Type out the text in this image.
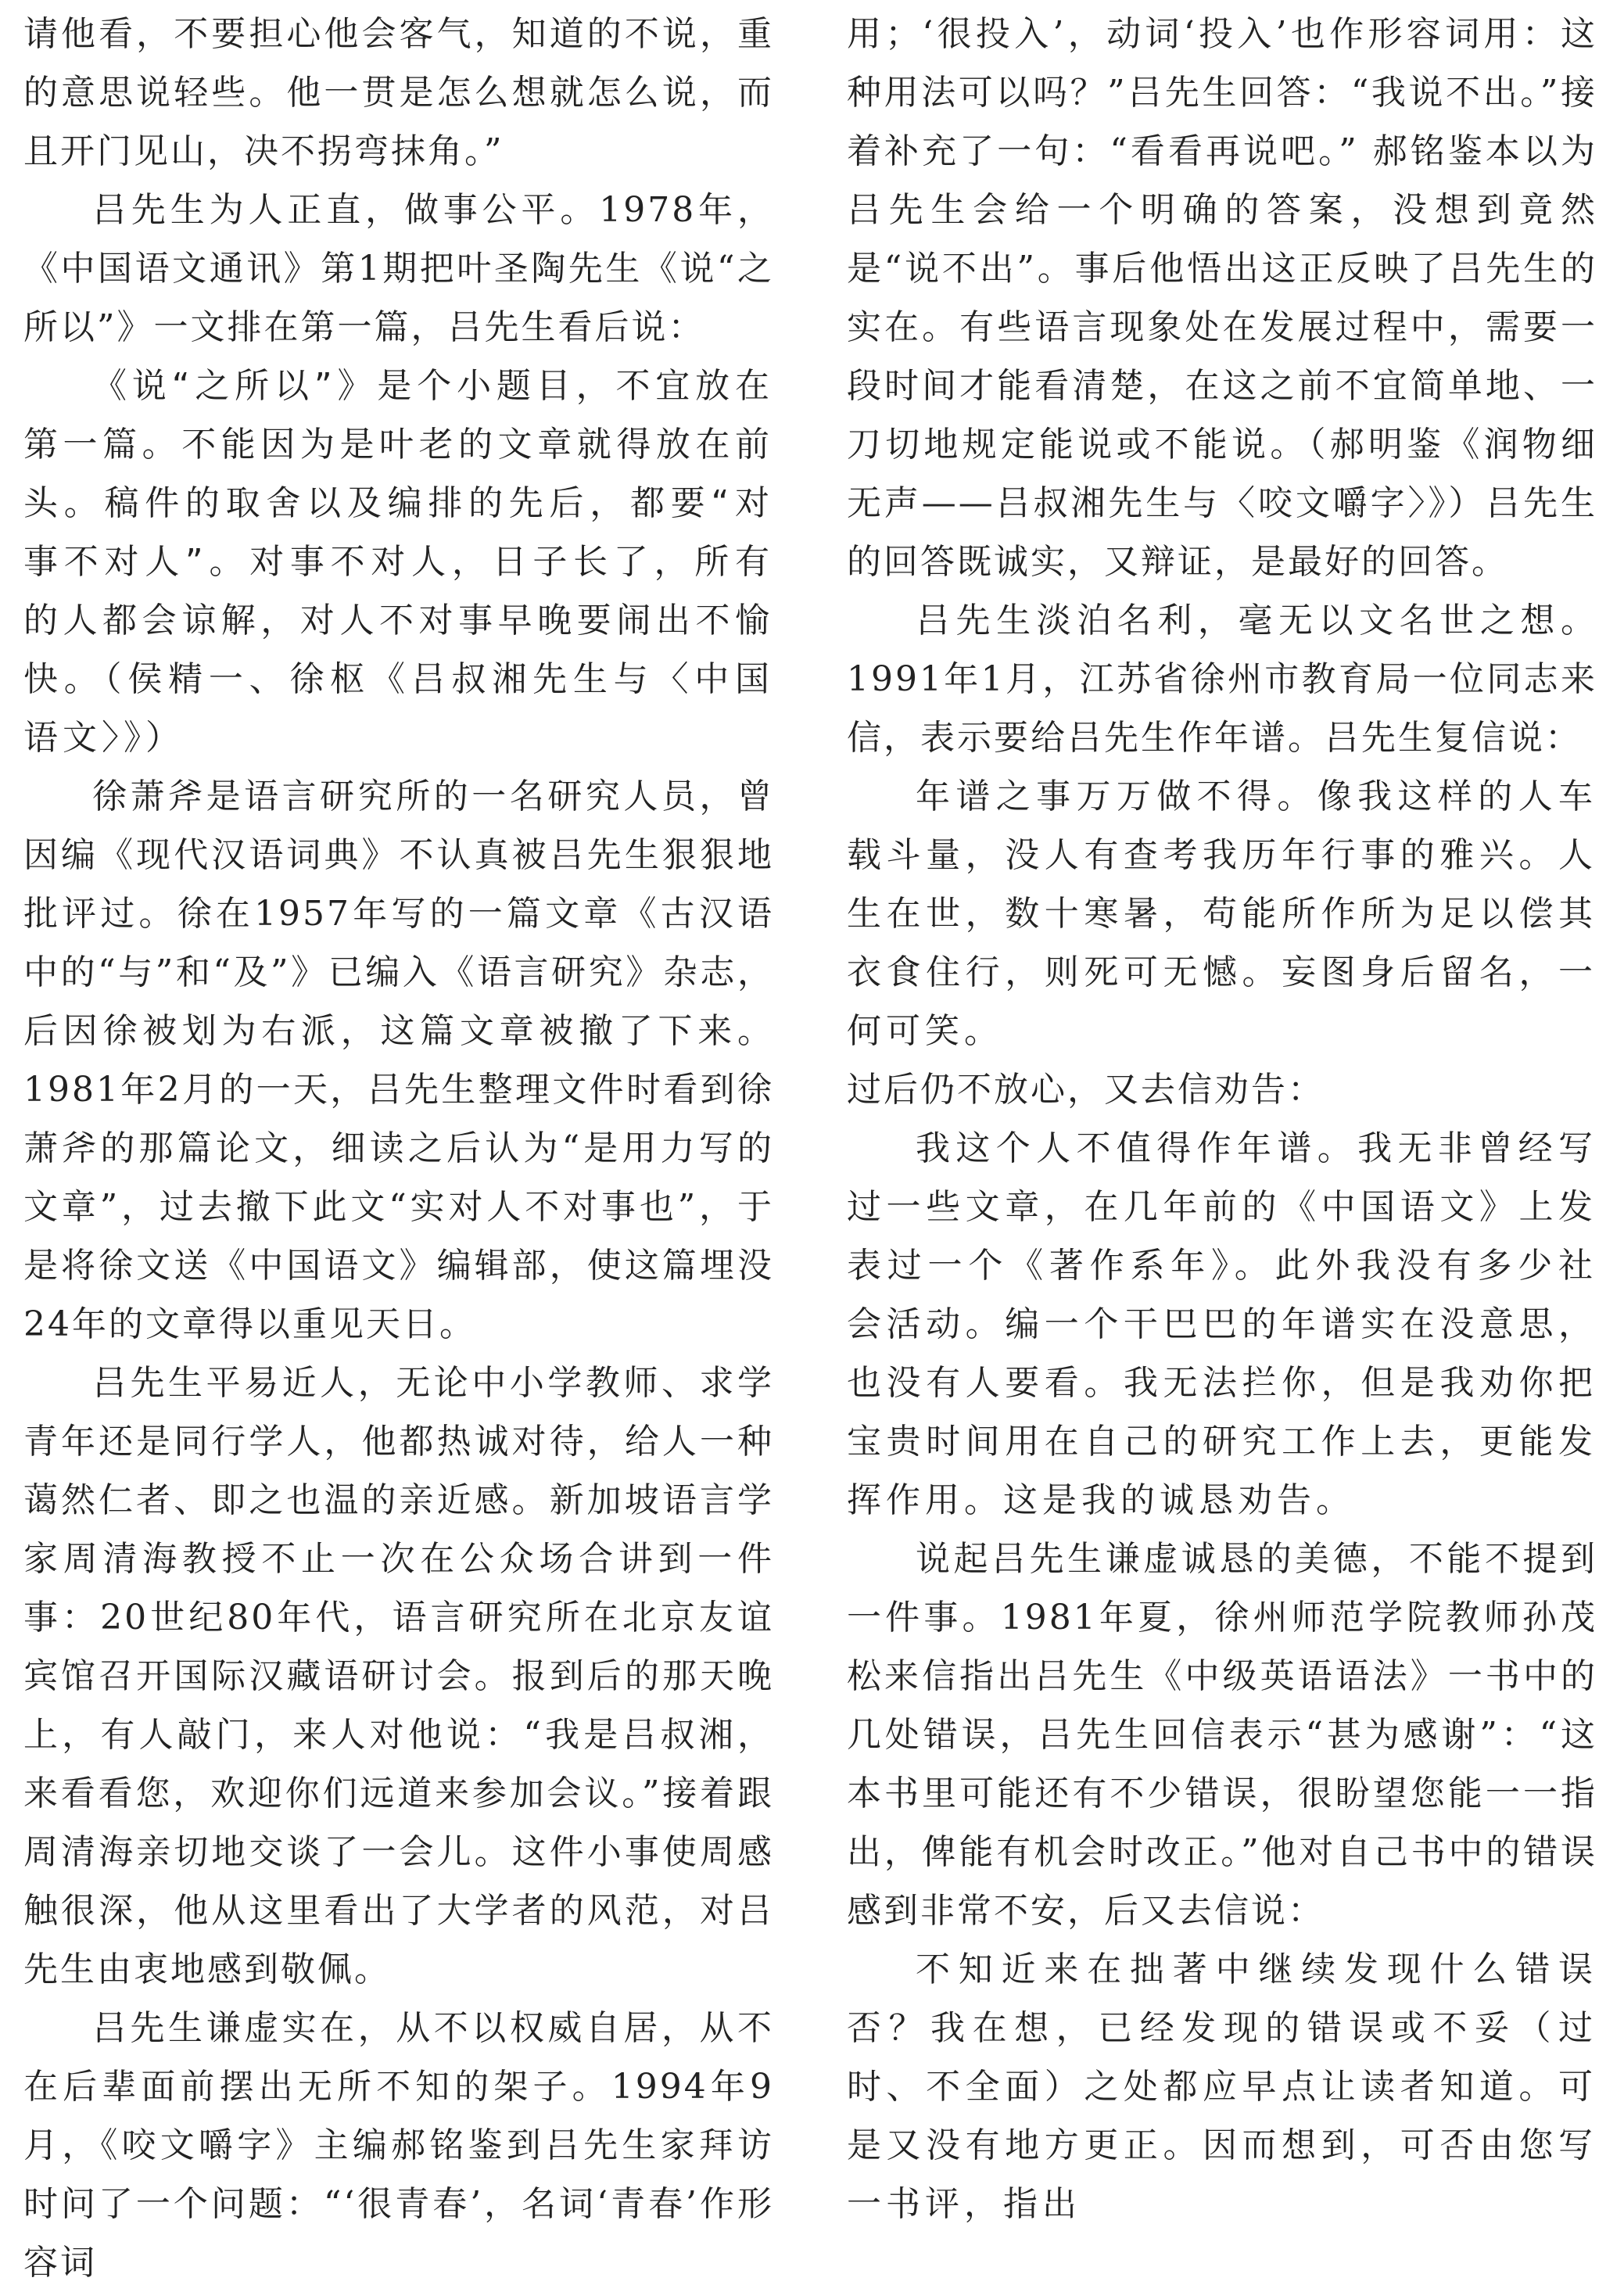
请他看，不要担心他会客气，知道的不说，重的意思说轻些。他一贯是怎么想就怎么说，而且开门见山，决不拐弯抹角。”

吕先生为人正直，做事公平。1978年，《中国语文通讯》第1期把叶圣陶先生《说“之所以”》一文排在第一篇，吕先生看后说：

《说“之所以”》是个小题目，不宜放在第一篇。不能因为是叶老的文章就得放在前头。稿件的取舍以及编排的先后，都要“对事不对人”。对事不对人，日子长了，所有的人都会谅解，对人不对事早晚要闹出不愉快。（侯精一、徐枢《吕叔湘先生与〈中国语文〉》）

徐萧斧是语言研究所的一名研究人员，曾因编《现代汉语词典》不认真被吕先生狠狠地批评过。徐在1957年写的一篇文章《古汉语中的“与”和“及”》已编入《语言研究》杂志，后因徐被划为右派，这篇文章被撤了下来。1981年2月的一天，吕先生整理文件时看到徐萧斧的那篇论文，细读之后认为“是用力写的文章”，过去撤下此文“实对人不对事也”，于是将徐文送《中国语文》编辑部，使这篇埋没24年的文章得以重见天日。

吕先生平易近人，无论中小学教师、求学青年还是同行学人，他都热诚对待，给人一种蔼然仁者、即之也温的亲近感。新加坡语言学家周清海教授不止一次在公众场合讲到一件事：20世纪80年代，语言研究所在北京友谊宾馆召开国际汉藏语研讨会。报到后的那天晚上，有人敲门，来人对他说：“我是吕叔湘，来看看您，欢迎你们远道来参加会议。”接着跟周清海亲切地交谈了一会儿。这件小事使周感触很深，他从这里看出了大学者的风范，对吕先生由衷地感到敬佩。

吕先生谦虚实在，从不以权威自居，从不在后辈面前摆出无所不知的架子。1994年9月，《咬文嚼字》主编郝铭鉴到吕先生家拜访时问了一个问题：“‘很青春’，名词‘青春’作形容词

用；‘很投入’，动词‘投入’也作形容词用：这种用法可以吗？”吕先生回答：“我说不出。”接着补充了一句：“看看再说吧。” 郝铭鉴本以为吕先生会给一个明确的答案，没想到竟然是“说不出”。事后他悟出这正反映了吕先生的实在。有些语言现象处在发展过程中，需要一段时间才能看清楚，在这之前不宜简单地、一刀切地规定能说或不能说。（郝明鉴《润物细无声——吕叔湘先生与〈咬文嚼字〉》）吕先生的回答既诚实，又辩证，是最好的回答。

吕先生淡泊名利，毫无以文名世之想。1991年1月，江苏省徐州市教育局一位同志来信，表示要给吕先生作年谱。吕先生复信说：

年谱之事万万做不得。像我这样的人车载斗量，没人有查考我历年行事的雅兴。人生在世，数十寒暑，苟能所作所为足以偿其衣食住行，则死可无憾。妄图身后留名，一何可笑。

过后仍不放心，又去信劝告：

我这个人不值得作年谱。我无非曾经写过一些文章，在几年前的《中国语文》上发表过一个《著作系年》。此外我没有多少社会活动。编一个干巴巴的年谱实在没意思，也没有人要看。我无法拦你，但是我劝你把宝贵时间用在自己的研究工作上去，更能发挥作用。这是我的诚恳劝告。

说起吕先生谦虚诚恳的美德，不能不提到一件事。1981年夏，徐州师范学院教师孙茂松来信指出吕先生《中级英语语法》一书中的几处错误，吕先生回信表示“甚为感谢”：“这本书里可能还有不少错误，很盼望您能一一指出，俾能有机会时改正。”他对自己书中的错误感到非常不安，后又去信说：

不知近来在拙著中继续发现什么错误否？我在想，已经发现的错误或不妥（过时、不全面）之处都应早点让读者知道。可是又没有地方更正。因而想到，可否由您写一书评，指出
